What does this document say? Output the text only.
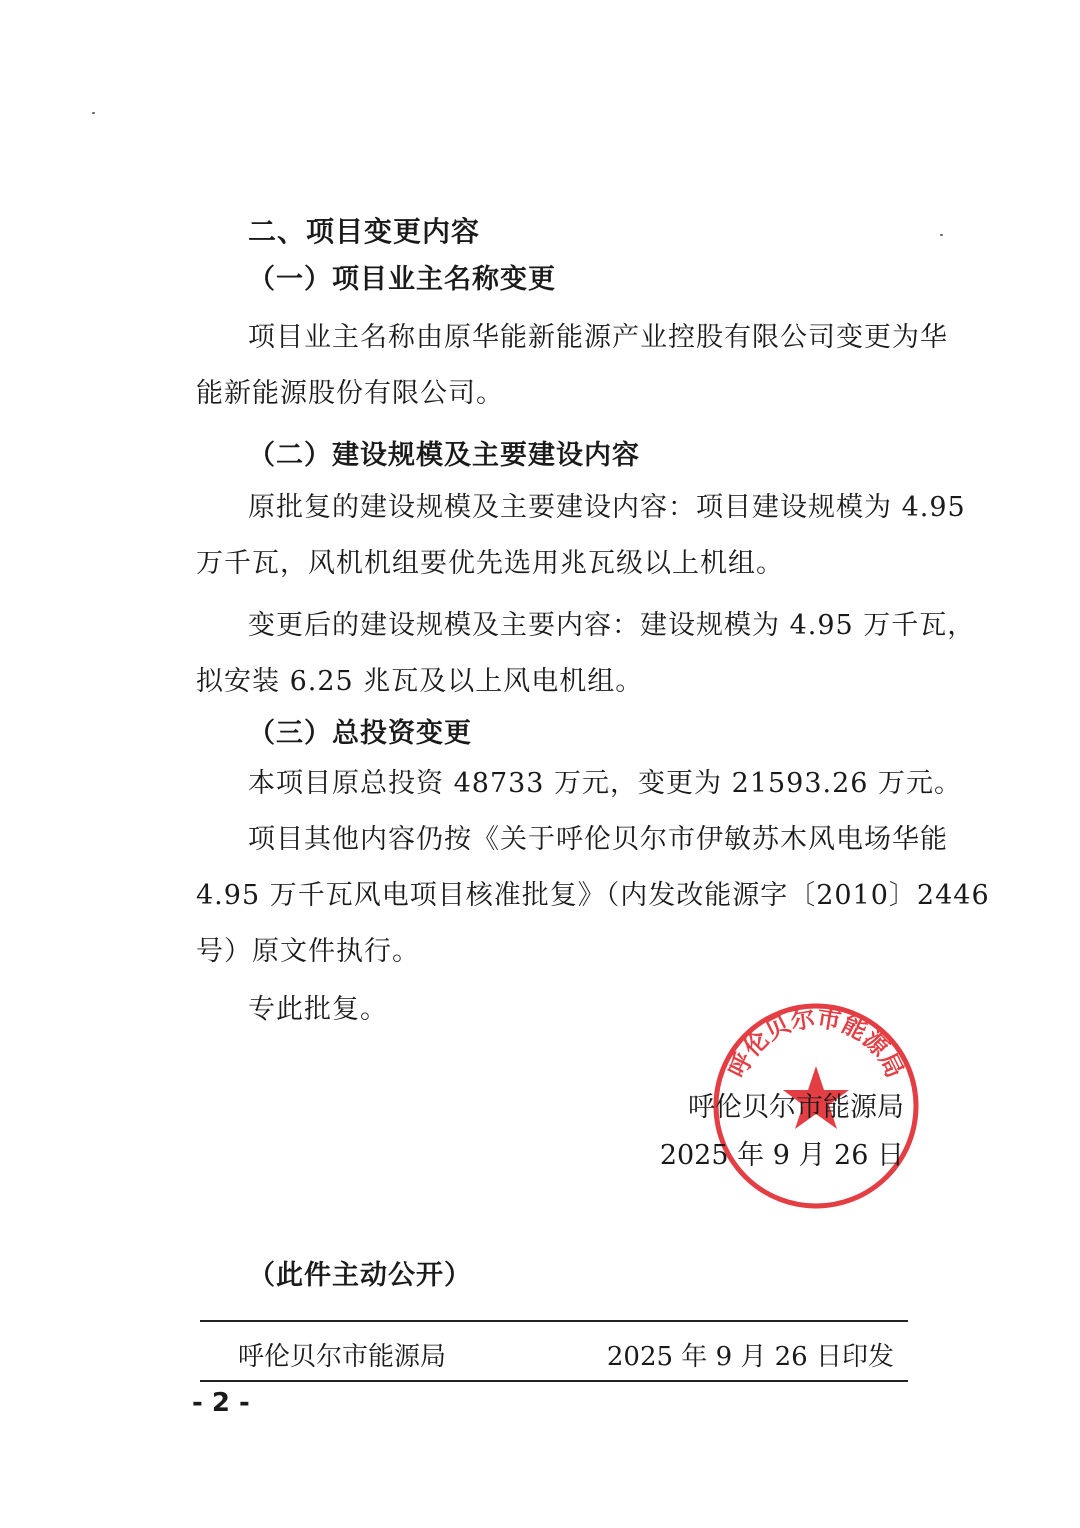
二、项目变更内容
（一）项目业主名称变更
项目业主名称由原华能新能源产业控股有限公司变更为华
能新能源股份有限公司。
（二）建设规模及主要建设内容
原批复的建设规模及主要建设内容：项目建设规模为 4.95
万千瓦，风机机组要优先选用兆瓦级以上机组。
变更后的建设规模及主要内容：建设规模为 4.95 万千瓦，
拟安装 6.25 兆瓦及以上风电机组。
（三）总投资变更
本项目原总投资 48733 万元，变更为 21593.26 万元。
项目其他内容仍按《关于呼伦贝尔市伊敏苏木风电场华能
4.95 万千瓦风电项目核准批复》（内发改能源字〔2010〕2446
号）原文件执行。
专此批复。
呼伦贝尔市能源局
呼伦贝尔市能源局
2025 年 9 月 26 日
（此件主动公开）
呼伦贝尔市能源局	2025 年 9 月 26 日印发
- 2 -
